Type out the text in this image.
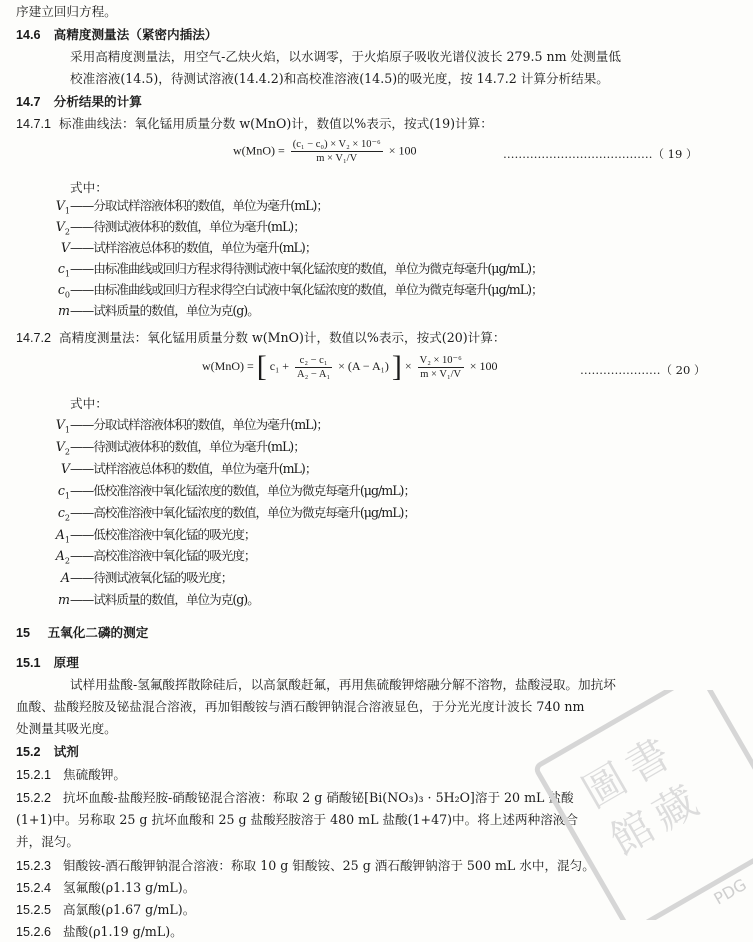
序建立回归方程。
14.6 高精度测量法（紧密内插法）
采用高精度测量法，用空气-乙炔火焰，以水调零，于火焰原子吸收光谱仪波长 279.5 nm 处测量低
校准溶液(14.5)，待测试溶液(14.4.2)和高校准溶液(14.5)的吸光度，按 14.7.2 计算分析结果。
14.7 分析结果的计算
14.7.1 标准曲线法：氧化锰用质量分数 w(MnO)计，数值以%表示，按式(19)计算：
$w(MnO) = \frac{\text{(c₁ − c₀) × V₂ × 10⁻⁶}}{\text{m × V₁/V}} \times 100$	…………………………………（ 19 ）
式中：
$V_1——$分取试样溶液体积的数值，单位为毫升(mL)；
$V_2——$待测试液体积的数值，单位为毫升(mL)；
V——试样溶液总体积的数值，单位为毫升(mL)；
$c_1——$由标准曲线或回归方程求得待测试液中氧化锰浓度的数值，单位为微克每毫升(μg/mL)；
$c_0——$由标准曲线或回归方程求得空白试液中氧化锰浓度的数值，单位为微克每毫升(μg/mL)；
m——试料质量的数值，单位为克(g)。
14.7.2 高精度测量法：氧化锰用质量分数 w(MnO)计，数值以%表示，按式(20)计算：
w(MnO) = [ $c_1 + \frac{\text{c₂ − c₁}}{\text{A₂ − A₁}} \times (A - A_1)$ ] × $\frac{\text{V₂ × 10⁻⁶}}{\text{m × V₁/V}} \times 100$	…………………（ 20 ）
式中：
$V_1——$分取试样溶液体积的数值，单位为毫升(mL)；
$V_2——$待测试液体积的数值，单位为毫升(mL)；
V——试样溶液总体积的数值，单位为毫升(mL)；
$c_1——$低校准溶液中氧化锰浓度的数值，单位为微克每毫升(μg/mL)；
$c_2——$高校准溶液中氧化锰浓度的数值，单位为微克每毫升(μg/mL)；
$A_1——$低校准溶液中氧化锰的吸光度；
$A_2——$高校准溶液中氧化锰的吸光度；
A——待测试液氧化锰的吸光度；
m——试料质量的数值，单位为克(g)。
15 五氧化二磷的测定
15.1 原理
试样用盐酸-氢氟酸挥散除硅后，以高氯酸赶氟，再用焦硫酸钾熔融分解不溶物，盐酸浸取。加抗坏
血酸、盐酸羟胺及铋盐混合溶液，再加钼酸铵与酒石酸钾钠混合溶液显色，于分光光度计波长 740 nm
处测量其吸光度。
15.2 试剂
15.2.1 焦硫酸钾。
15.2.2 抗坏血酸-盐酸羟胺-硝酸铋混合溶液：称取 2 g 硝酸铋[Bi(NO₃)₃ · 5H₂O]溶于 20 mL 盐酸
(1+1)中。另称取 25 g 抗坏血酸和 25 g 盐酸羟胺溶于 480 mL 盐酸(1+47)中。将上述两种溶液合
并，混匀。
15.2.3 钼酸铵-酒石酸钾钠混合溶液：称取 10 g 钼酸铵、25 g 酒石酸钾钠溶于 500 mL 水中，混匀。
15.2.4 氢氟酸(ρ1.13 g/mL)。
15.2.5 高氯酸(ρ1.67 g/mL)。
15.2.6 盐酸(ρ1.19 g/mL)。
圖
書
館
藏
PDG
